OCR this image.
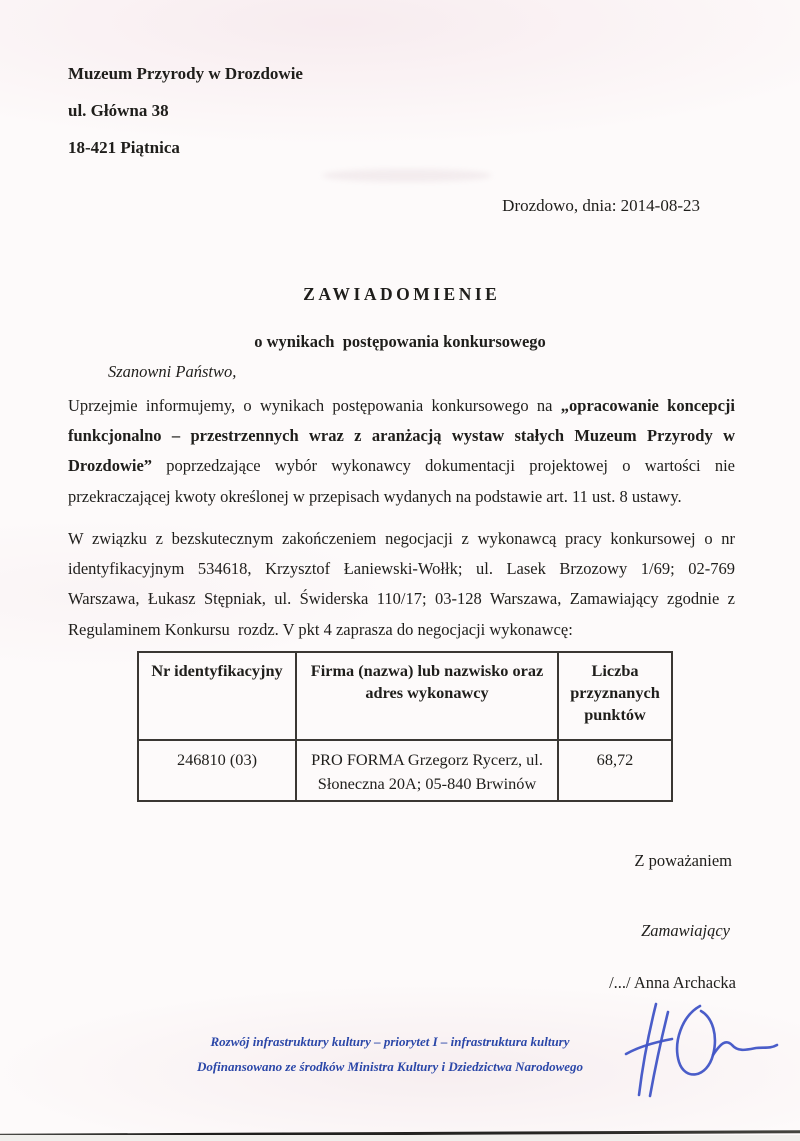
Muzeum Przyrody w Drozdowie
ul. Główna 38
18-421 Piątnica
Drozdowo, dnia: 2014-08-23
ZAWIADOMIENIE
o wynikach  postępowania konkursowego
Szanowni Państwo,
Uprzejmie informujemy, o wynikach postępowania konkursowego na „opracowanie koncepcji
funkcjonalno – przestrzennych wraz z aranżacją wystaw stałych Muzeum Przyrody w
Drozdowie” poprzedzające wybór wykonawcy dokumentacji projektowej o wartości nie
przekraczającej kwoty określonej w przepisach wydanych na podstawie art. 11 ust. 8 ustawy.
W związku z bezskutecznym zakończeniem negocjacji z wykonawcą pracy konkursowej o nr
identyfikacyjnym 534618, Krzysztof Łaniewski-Wołłk; ul. Lasek Brzozowy 1/69; 02-769
Warszawa, Łukasz Stępniak, ul. Świderska 110/17; 03-128 Warszawa, Zamawiający zgodnie z
Regulaminem Konkursu  rozdz. V pkt 4 zaprasza do negocjacji wykonawcę:
Nr identyfikacyjny	Firma (nazwa) lub nazwisko oraz adres wykonawcy	Liczba przyznanych punktów
246810 (03)	PRO FORMA Grzegorz Rycerz, ul. Słoneczna 20A; 05-840 Brwinów	68,72
Z poważaniem
Zamawiający
/.../ Anna Archacka
Rozwój infrastruktury kultury – priorytet I – infrastruktura kultury
Dofinansowano ze środków Ministra Kultury i Dziedzictwa Narodowego
